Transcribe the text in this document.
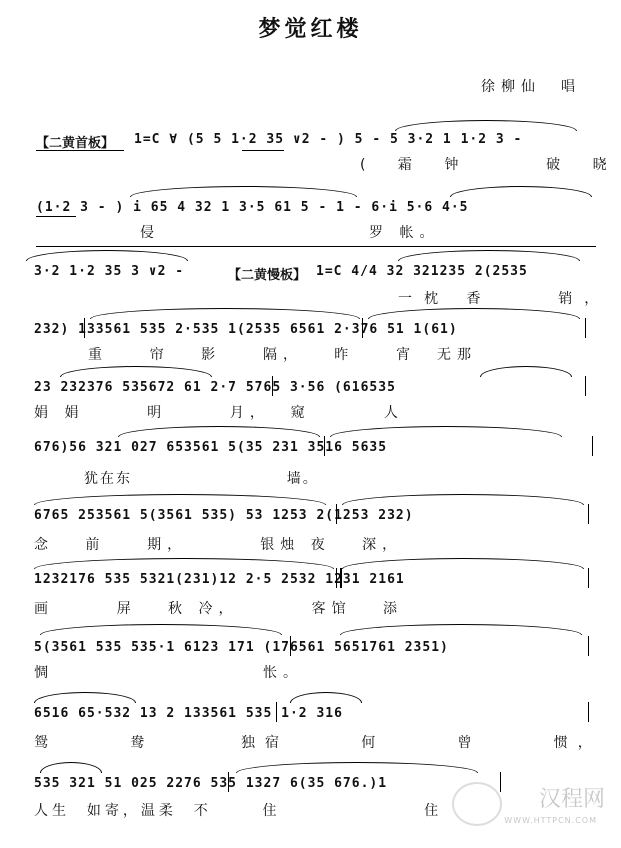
梦觉红楼
徐柳仙　唱
【二黄首板】 1=C ∀ (5 5 1·2 35 ∨2 - ) 5 - 5 3·2 1 1·2 3 -
( 霜 钟    破 晓
(1·2 3 - ) i 65 4 32 1 3·5 61 5 - 1 - 6·i 5·6 4·5
侵                    罗 帐。
3·2 1·2 35 3 ∨2 -	【二黄慢板】 1=C 4/4 32 321235 2(2535
一枕 香    销，
232) 133561 535 2·535 1(2535 6561 2·376 51 1(61)
重    帘   影    隔，   昨    宵  无那
23 232376 535672 61 2·7 5765 3·56 (616535
娟 娟      明      月，  窥       人
676)56 321 027 653561 5(35 231 3516 5635
犹在东                        墙。
6765 253561 5(3561 535) 53 1253 2(1253 232)
念   前    期，       银烛 夜   深，
1232176 535 5321(231)12 2·5 2532 1231 2161
画      屏   秋 冷，       客馆   添
5(3561 535 535·1 6123 171 (176561 5651761 2351)
惆                    怅。
6516 65·532 13 2 133561 535 1·2 316
鸳     鸯      独宿     何     曾     惯，
535 321 51 025 2276 535 1327 6(35 676.)1
人生  如寄，温柔  不      住                 住	汉程网
WWW.HTTPCN.COM
